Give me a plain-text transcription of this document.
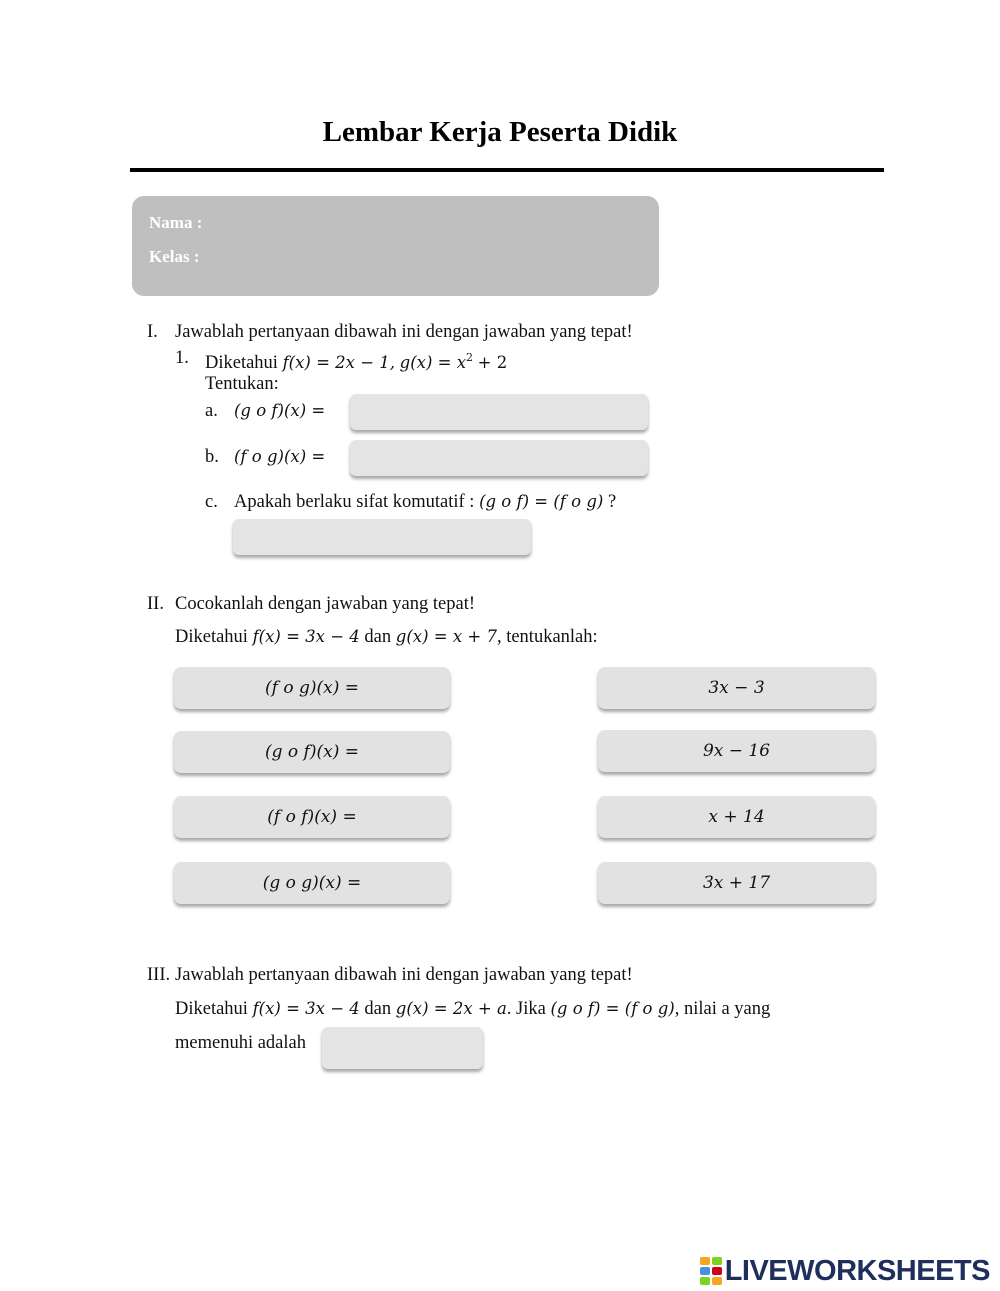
Lembar Kerja Peserta Didik
Nama :
Kelas :
I. Jawablah pertanyaan dibawah ini dengan jawaban yang tepat!
1. Diketahui f(x) = 2x − 1, $g(x) = x^2 + 2$
Tentukan:
a. (g o f)(x) =
b. (f o g)(x) =
c. Apakah berlaku sifat komutatif : (g o f) = (f o g) ?
II. Cocokanlah dengan jawaban yang tepat!
Diketahui f(x) = 3x − 4 dan g(x) = x + 7, tentukanlah:
(f o g)(x) =
(g o f)(x) =
(f o f)(x) =
(g o g)(x) =
3x − 3
9x − 16
x + 14
3x + 17
III. Jawablah pertanyaan dibawah ini dengan jawaban yang tepat!
Diketahui f(x) = 3x − 4 dan g(x) = 2x + a. Jika (g o f) = (f o g), nilai a yang
memenuhi adalah
LIVEWORKSHEETS
